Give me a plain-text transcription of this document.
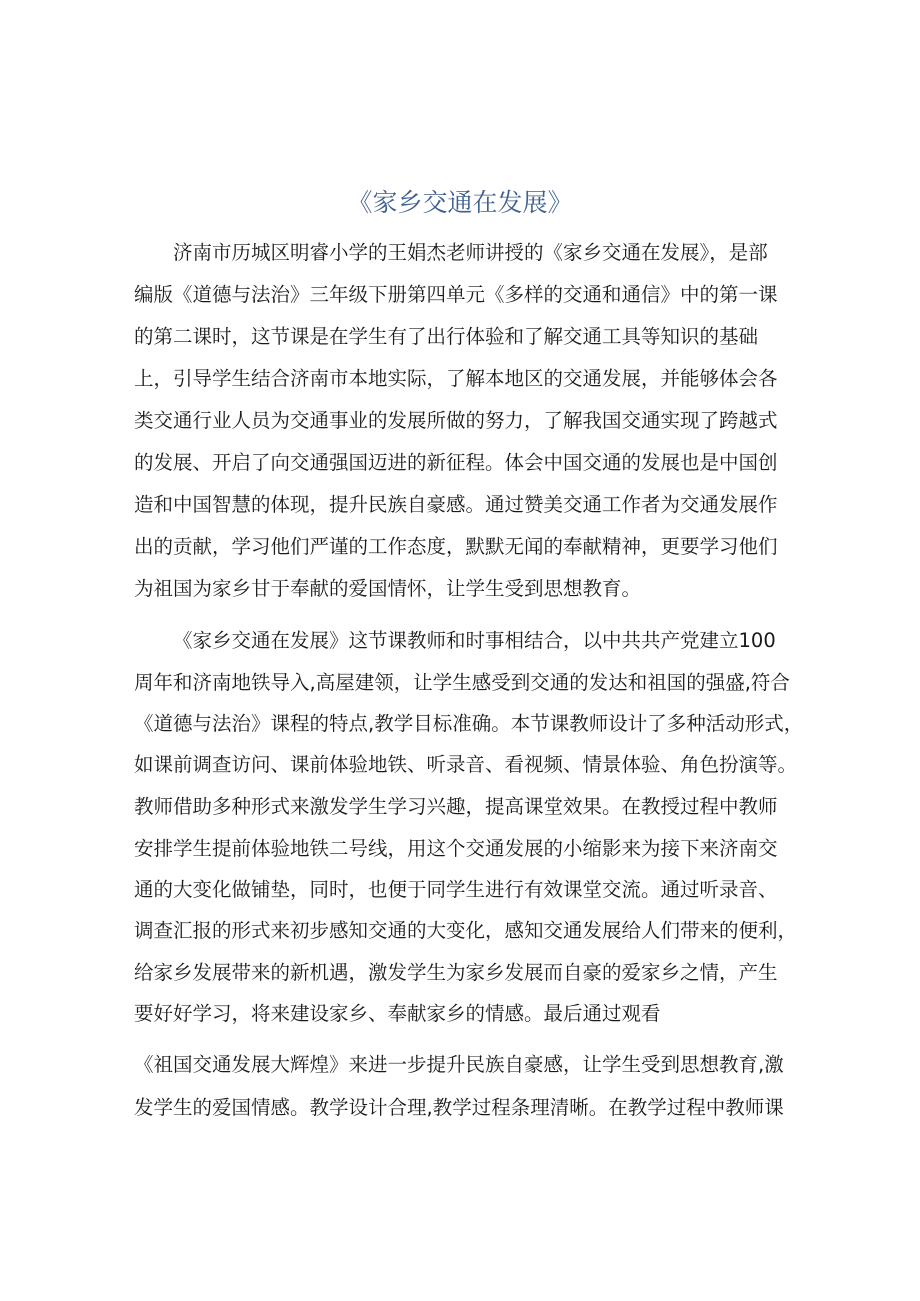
《家乡交通在发展》
济南市历城区明睿小学的王娟杰老师讲授的《家乡交通在发展》，是部
编版《道德与法治》三年级下册第四单元《多样的交通和通信》中的第一课
的第二课时，这节课是在学生有了出行体验和了解交通工具等知识的基础
上，引导学生结合济南市本地实际，了解本地区的交通发展，并能够体会各
类交通行业人员为交通事业的发展所做的努力，了解我国交通实现了跨越式
的发展、开启了向交通强国迈进的新征程。体会中国交通的发展也是中国创
造和中国智慧的体现，提升民族自豪感。通过赞美交通工作者为交通发展作
出的贡献，学习他们严谨的工作态度，默默无闻的奉献精神，更要学习他们
为祖国为家乡甘于奉献的爱国情怀，让学生受到思想教育。
《家乡交通在发展》这节课教师和时事相结合，以中共共产党建立100
周年和济南地铁导入,高屋建领，让学生感受到交通的发达和祖国的强盛,符合
《道德与法治》课程的特点,教学目标准确。本节课教师设计了多种活动形式，
如课前调查访问、课前体验地铁、听录音、看视频、情景体验、角色扮演等。
教师借助多种形式来激发学生学习兴趣，提高课堂效果。在教授过程中教师
安排学生提前体验地铁二号线，用这个交通发展的小缩影来为接下来济南交
通的大变化做铺垫，同时，也便于同学生进行有效课堂交流。通过听录音、
调查汇报的形式来初步感知交通的大变化，感知交通发展给人们带来的便利，
给家乡发展带来的新机遇，激发学生为家乡发展而自豪的爱家乡之情，产生
要好好学习，将来建设家乡、奉献家乡的情感。最后通过观看
《祖国交通发展大辉煌》来进一步提升民族自豪感，让学生受到思想教育,激
发学生的爱国情感。教学设计合理,教学过程条理清晰。在教学过程中教师课
